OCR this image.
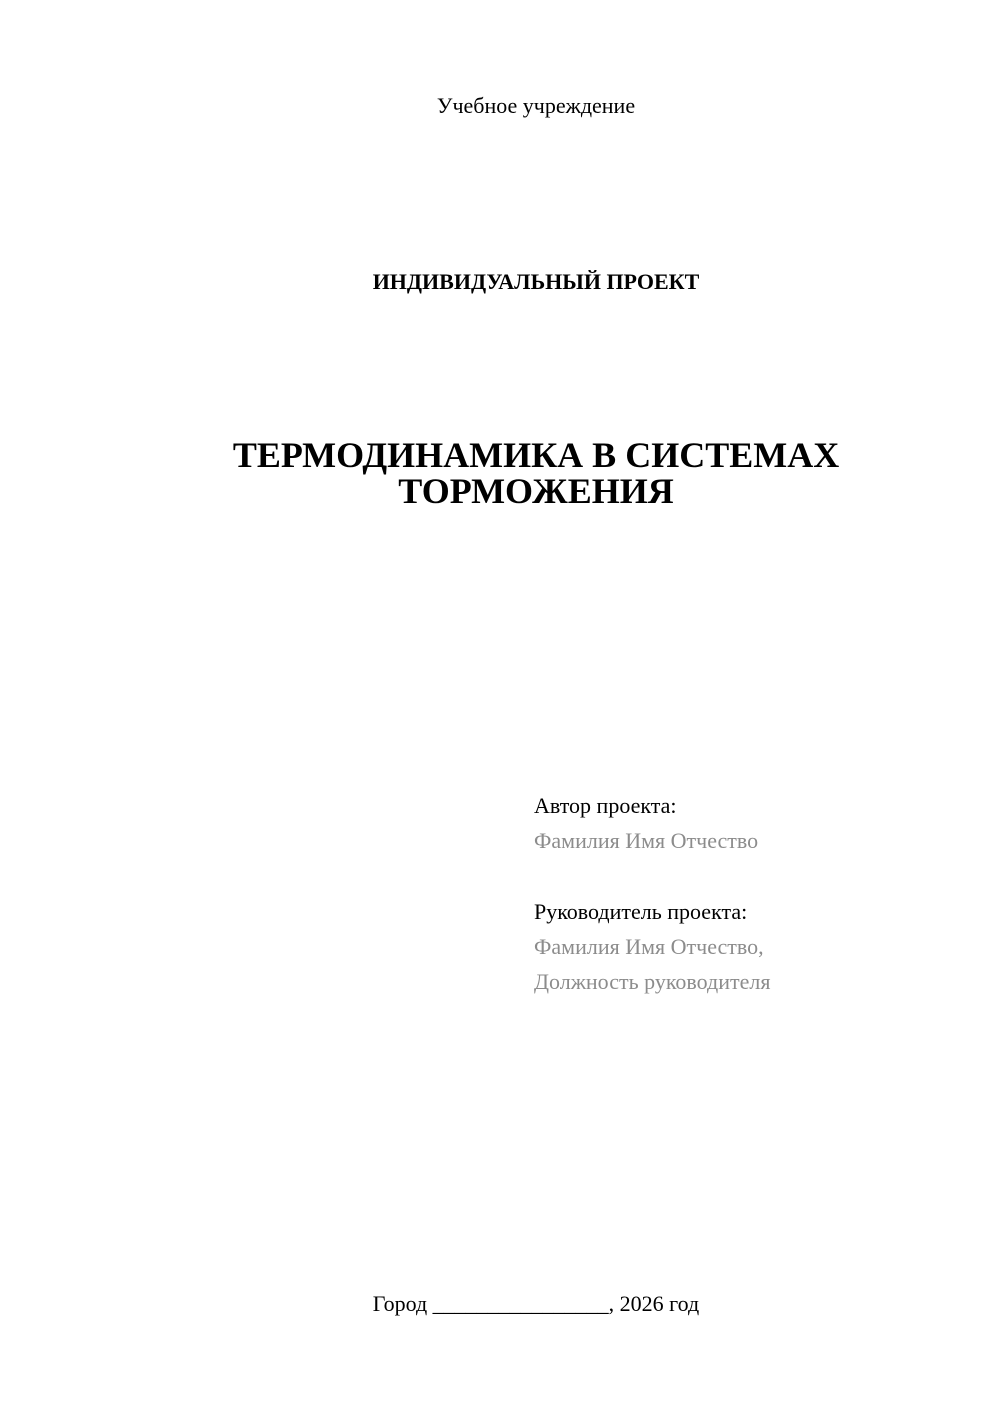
Учебное учреждение
ИНДИВИДУАЛЬНЫЙ ПРОЕКТ
ТЕРМОДИНАМИКА В СИСТЕМАХ
ТОРМОЖЕНИЯ
Автор проекта:
Фамилия Имя Отчество
Руководитель проекта:
Фамилия Имя Отчество,
Должность руководителя
Город ________________, 2026 год
